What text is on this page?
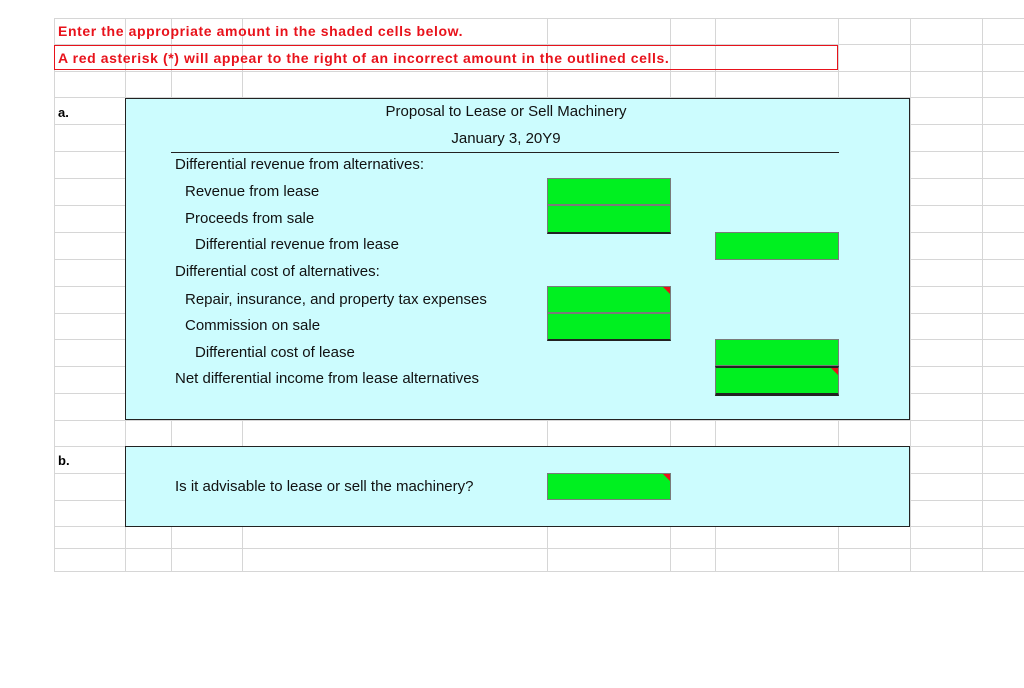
Enter the appropriate amount in the shaded cells below.
A red asterisk (*) will appear to the right of an incorrect amount in the outlined cells.
a.	Proposal to Lease or Sell Machinery
January 3, 20Y9
Differential revenue from alternatives:
Revenue from lease
Proceeds from sale
Differential revenue from lease
Differential cost of alternatives:
Repair, insurance, and property tax expenses
Commission on sale
Differential cost of lease
Net differential income from lease alternatives
b.
Is it advisable to lease or sell the machinery?
